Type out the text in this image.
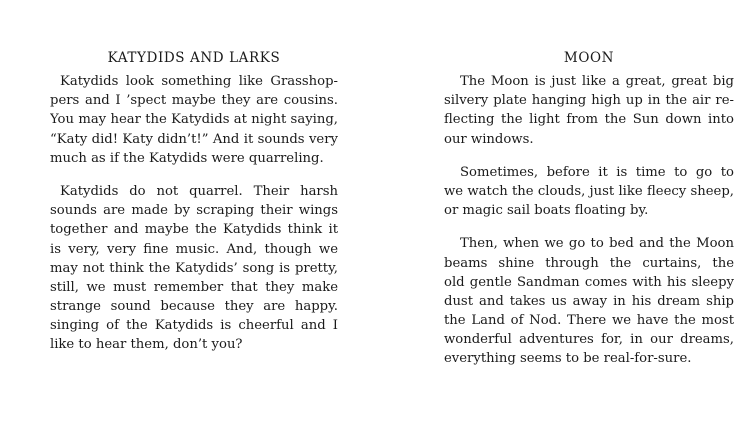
KATYDIDS AND LARKS

Katydids look something like Grasshop-
pers and I ’spect maybe they are cousins.
You may hear the Katydids at night saying,
“Katy did! Katy didn’t!” And it sounds very
much as if the Katydids were quarreling.

Katydids do not quarrel. Their harsh
sounds are made by scraping their wings
together and maybe the Katydids think it
is very, very fine music. And, though we
may not think the Katydids’ song is pretty,
still, we must remember that they make
strange sound because they are happy.
singing of the Katydids is cheerful and I
like to hear them, don’t you?

MOON

The Moon is just like a great, great big
silvery plate hanging high up in the air re-
flecting the light from the Sun down into
our windows.

Sometimes, before it is time to go to
we watch the clouds, just like fleecy sheep,
or magic sail boats floating by.

Then, when we go to bed and the Moon
beams shine through the curtains, the
old gentle Sandman comes with his sleepy
dust and takes us away in his dream ship
the Land of Nod. There we have the most
wonderful adventures for, in our dreams,
everything seems to be real-for-sure.
